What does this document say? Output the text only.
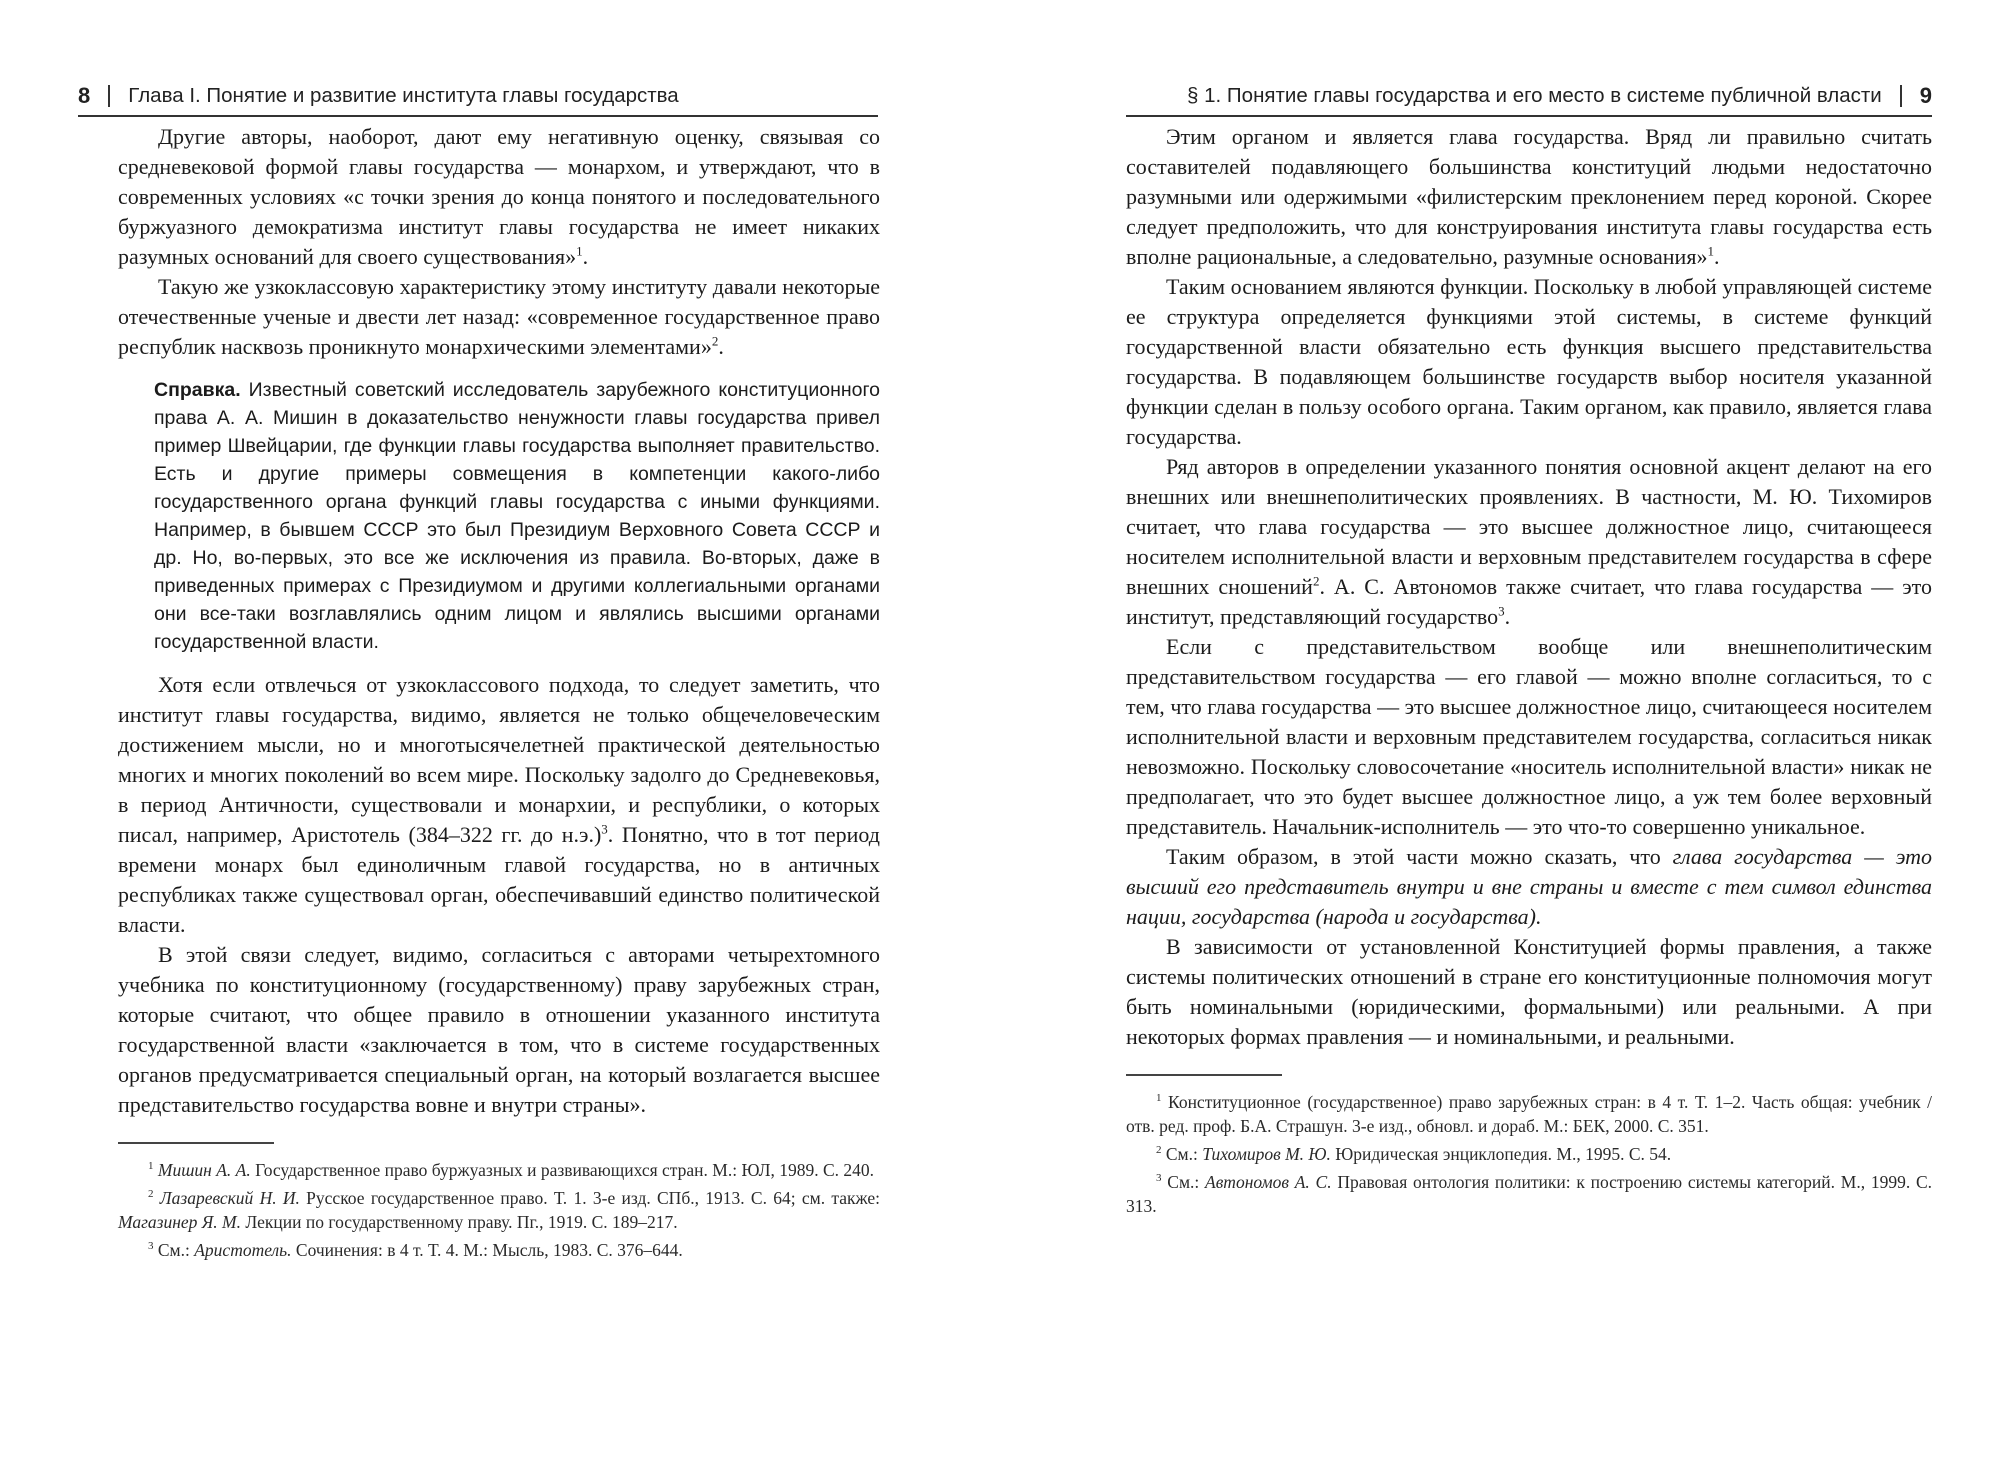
8 Глава I. Понятие и развитие института главы государства

Другие авторы, наоборот, дают ему негативную оценку, связывая со средневековой формой главы государства — монархом, и утверждают, что в современных условиях «с точки зрения до конца понятого и последовательного буржуазного демократизма институт главы государства не имеет никаких разумных оснований для своего существования»$^1$.

Такую же узкоклассовую характеристику этому институту давали некоторые отечественные ученые и двести лет назад: «современное государственное право республик насквозь проникнуто монархическими элементами»$^2$.

Справка. Известный советский исследователь зарубежного конституционного права А. А. Мишин в доказательство ненужности главы государства привел пример Швейцарии, где функции главы государства выполняет правительство. Есть и другие примеры совмещения в компетенции какого-либо государственного органа функций главы государства с иными функциями. Например, в бывшем СССР это был Президиум Верховного Совета СССР и др. Но, во-первых, это все же исключения из правила. Во-вторых, даже в приведенных примерах с Президиумом и другими коллегиальными органами они все-таки возглавлялись одним лицом и являлись высшими органами государственной власти.

Хотя если отвлечься от узкоклассового подхода, то следует заметить, что институт главы государства, видимо, является не только общечеловеческим достижением мысли, но и многотысячелетней практической деятельностью многих и многих поколений во всем мире. Поскольку задолго до Средневековья, в период Античности, существовали и монархии, и республики, о которых писал, например, Аристотель (384–322 гг. до н.э.)$^3$. Понятно, что в тот период времени монарх был единоличным главой государства, но в античных республиках также существовал орган, обеспечивавший единство политической власти.

В этой связи следует, видимо, согласиться с авторами четырехтомного учебника по конституционному (государственному) праву зарубежных стран, которые считают, что общее правило в отношении указанного института государственной власти «заключается в том, что в системе государственных органов предусматривается специальный орган, на который возлагается высшее представительство государства вовне и внутри страны».

$^1$ Мишин А. А. Государственное право буржуазных и развивающихся стран. М.: ЮЛ, 1989. С. 240.

$^2$ Лазаревский Н. И. Русское государственное право. Т. 1. 3-е изд. СПб., 1913. С. 64; см. также: Магазинер Я. М. Лекции по государственному праву. Пг., 1919. С. 189–217.

$^3$ См.: Аристотель. Сочинения: в 4 т. Т. 4. М.: Мысль, 1983. С. 376–644.

§ 1. Понятие главы государства и его место в системе публичной власти 9

Этим органом и является глава государства. Вряд ли правильно считать составителей подавляющего большинства конституций людьми недостаточно разумными или одержимыми «филистерским преклонением перед короной. Скорее следует предположить, что для конструирования института главы государства есть вполне рациональные, а следовательно, разумные основания»$^1$.

Таким основанием являются функции. Поскольку в любой управляющей системе ее структура определяется функциями этой системы, в системе функций государственной власти обязательно есть функция высшего представительства государства. В подавляющем большинстве государств выбор носителя указанной функции сделан в пользу особого органа. Таким органом, как правило, является глава государства.

Ряд авторов в определении указанного понятия основной акцент делают на его внешних или внешнеполитических проявлениях. В частности, М. Ю. Тихомиров считает, что глава государства — это высшее должностное лицо, считающееся носителем исполнительной власти и верховным представителем государства в сфере внешних сношений$^2$. А. С. Автономов также считает, что глава государства — это институт, представляющий государство$^3$.

Если с представительством вообще или внешнеполитическим представительством государства — его главой — можно вполне согласиться, то с тем, что глава государства — это высшее должностное лицо, считающееся носителем исполнительной власти и верховным представителем государства, согласиться никак невозможно. Поскольку словосочетание «носитель исполнительной власти» никак не предполагает, что это будет высшее должностное лицо, а уж тем более верховный представитель. Начальник-исполнитель — это что-то совершенно уникальное.

Таким образом, в этой части можно сказать, что глава государства — это высший его представитель внутри и вне страны и вместе с тем символ единства нации, государства (народа и государства).

В зависимости от установленной Конституцией формы правления, а также системы политических отношений в стране его конституционные полномочия могут быть номинальными (юридическими, формальными) или реальными. А при некоторых формах правления — и номинальными, и реальными.

$^1$ Конституционное (государственное) право зарубежных стран: в 4 т. Т. 1–2. Часть общая: учебник / отв. ред. проф. Б.А. Страшун. 3-е изд., обновл. и дораб. М.: БЕК, 2000. С. 351.

$^2$ См.: Тихомиров М. Ю. Юридическая энциклопедия. М., 1995. С. 54.

$^3$ См.: Автономов А. С. Правовая онтология политики: к построению системы категорий. М., 1999. С. 313.
